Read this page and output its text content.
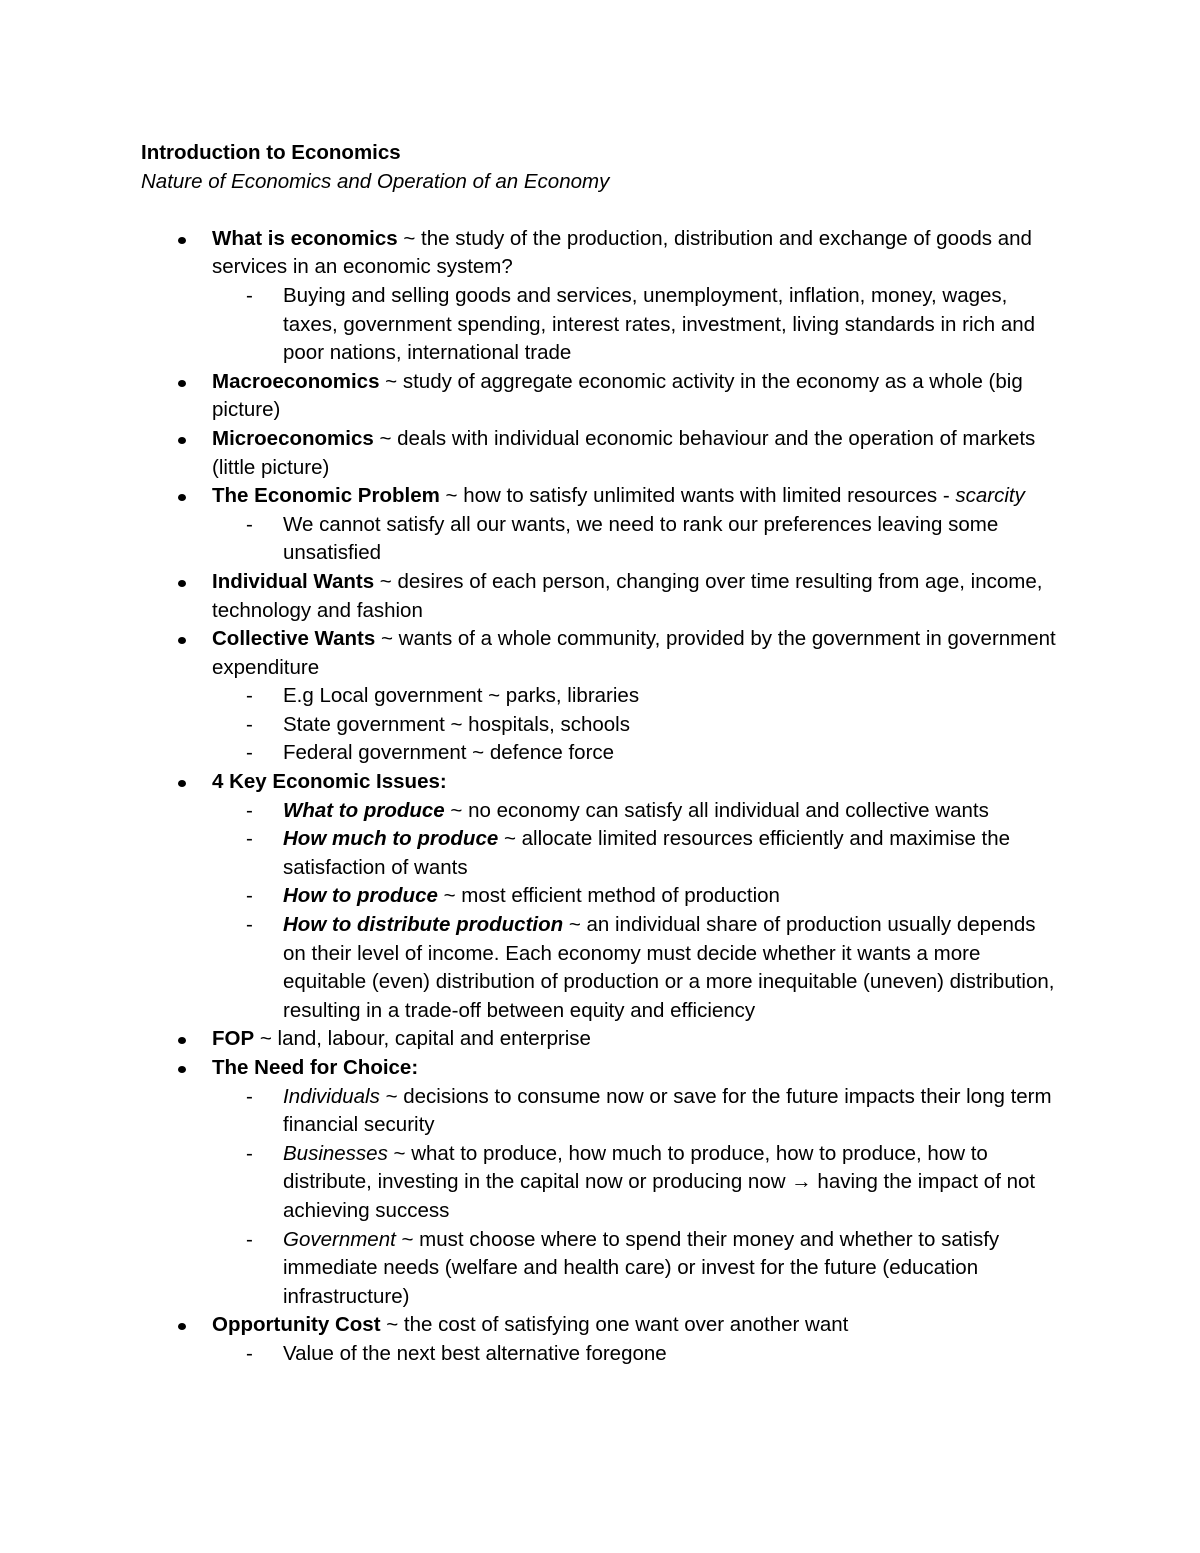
Introduction to Economics
Nature of Economics and Operation of an Economy
What is economics ~ the study of the production, distribution and exchange of goods and services in an economic system?
- Buying and selling goods and services, unemployment, inflation, money, wages, taxes, government spending, interest rates, investment, living standards in rich and poor nations, international trade
Macroeconomics ~ study of aggregate economic activity in the economy as a whole (big picture)
Microeconomics ~ deals with individual economic behaviour and the operation of markets (little picture)
The Economic Problem ~ how to satisfy unlimited wants with limited resources - scarcity
- We cannot satisfy all our wants, we need to rank our preferences leaving some unsatisfied
Individual Wants ~ desires of each person, changing over time resulting from age, income, technology and fashion
Collective Wants ~ wants of a whole community, provided by the government in government expenditure
- E.g Local government ~ parks, libraries
- State government ~ hospitals, schools
- Federal government ~ defence force
4 Key Economic Issues:
- What to produce ~ no economy can satisfy all individual and collective wants
- How much to produce ~ allocate limited resources efficiently and maximise the satisfaction of wants
- How to produce ~ most efficient method of production
- How to distribute production ~ an individual share of production usually depends on their level of income. Each economy must decide whether it wants a more equitable (even) distribution of production or a more inequitable (uneven) distribution, resulting in a trade-off between equity and efficiency
FOP ~ land, labour, capital and enterprise
The Need for Choice:
- Individuals ~ decisions to consume now or save for the future impacts their long term financial security
- Businesses ~ what to produce, how much to produce, how to produce, how to distribute, investing in the capital now or producing now → having the impact of not achieving success
- Government ~ must choose where to spend their money and whether to satisfy immediate needs (welfare and health care) or invest for the future (education infrastructure)
Opportunity Cost ~ the cost of satisfying one want over another want
- Value of the next best alternative foregone
